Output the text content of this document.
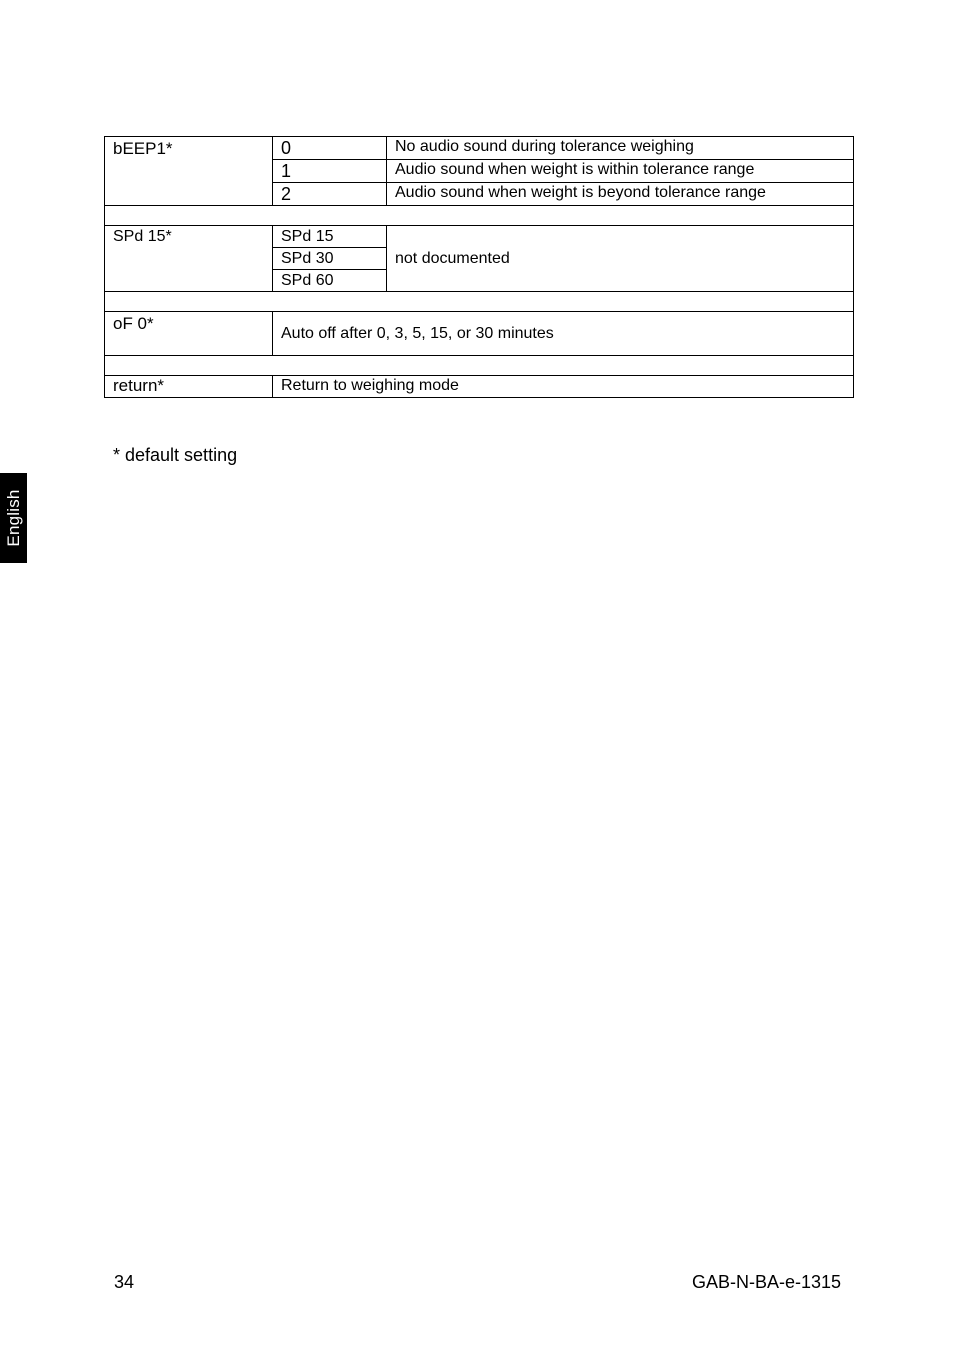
bEEP1*	0	No audio sound during tolerance weighing
	1	Audio sound when weight is within tolerance range
	2	Audio sound when weight is beyond tolerance range

SPd 15*	SPd 15	not documented
	SPd 30	
	SPd 60	

oF 0*	Auto off after 0, 3, 5, 15, or 30 minutes	

return*	Return to weighing mode	
* default setting
English
34	GAB-N-BA-e-1315
